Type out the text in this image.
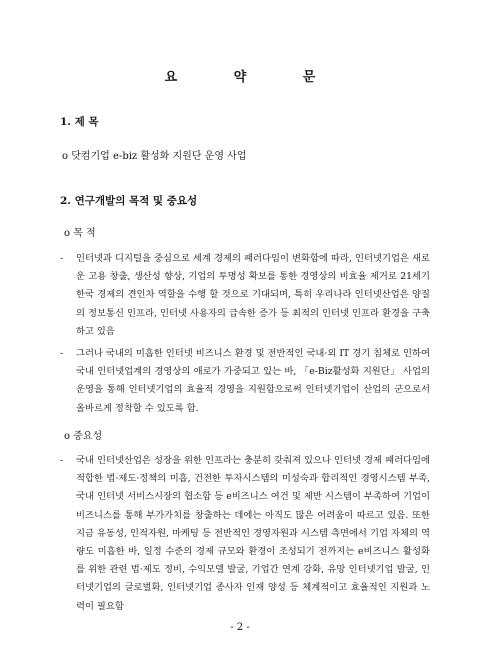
요 약 문
1. 제 목
o 닷컴기업 e-biz 활성화 지원단 운영 사업
2. 연구개발의 목적 및 중요성
o 목 적
- 인터넷과 디지털을 중심으로 세계 경제의 패러다임이 변화함에 따라, 인터넷기업은 새로운 고용 창출, 생산성 향상, 기업의 투명성 확보를 통한 경영상의 비효율 제거로 21세기 한국 경제의 견인차 역할을 수행 할 것으로 기대되며, 특히 우리나라 인터넷산업은 양질의 정보통신 인프라, 인터넷 사용자의 급속한 증가 등 최적의 인터넷 인프라 환경을 구축하고 있음
- 그러나 국내의 미흡한 인터넷 비즈니스 환경 및 전반적인 국내·외 IT 경기 침체로 인하여 국내 인터넷업계의 경영상의 애로가 가중되고 있는 바, 「e-Biz활성화 지원단」 사업의 운영을 통해 인터넷기업의 효율적 경영을 지원함으로써 인터넷기업이 산업의 군으로서 올바르게 정착할 수 있도록 함.
o 중요성
- 국내 인터넷산업은 성장을 위한 인프라는 충분히 갖춰져 있으나 인터넷 경제 패러다임에 적합한 법·제도·정책의 미흡, 건전한 투자시스템의 미성숙과 합리적인 경영시스템 부족, 국내 인터넷 서비스시장의 협소함 등 e비즈니스 여건 및 제반 시스템이 부족하여 기업이 비즈니스를 통해 부가가치를 창출하는 데에는 아직도 많은 어려움이 따르고 있음. 또한 지금 유동성, 인적자원, 마케팅 등 전반적인 경영자원과 시스템 측면에서 기업 자체의 역량도 미흡한 바, 일정 수준의 경제 규모와 환경이 조성되기 전까지는 e비즈니스 활성화를 위한 관련 법·제도 정비, 수익모델 발굴, 기업간 연계 강화, 유망 인터넷기업 발굴, 인터넷기업의 글로벌화, 인터넷기업 종사자 인재 양성 등 체계적이고 효율적인 지원과 노력이 필요함
- 2 -
